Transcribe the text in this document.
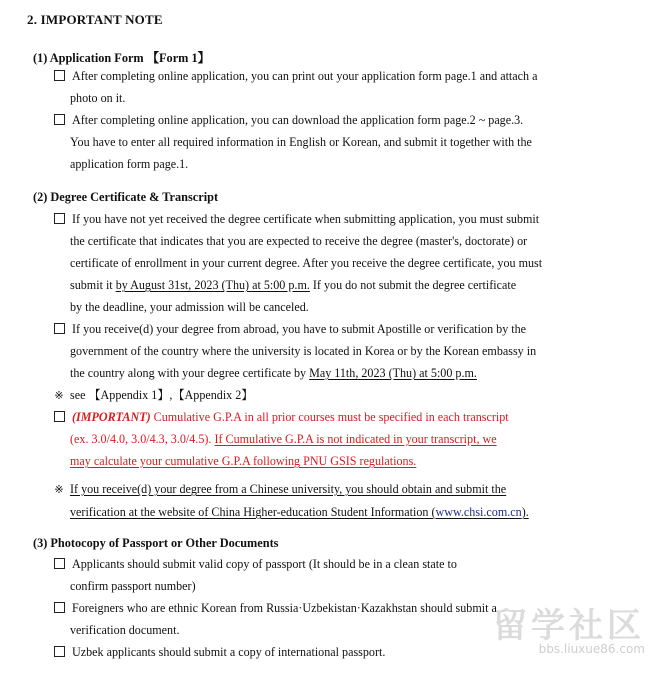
2. IMPORTANT NOTE
(1) Application Form 【Form 1】
After completing online application, you can print out your application form page.1 and attach a
photo on it.
After completing online application, you can download the application form page.2 ~ page.3.
You have to enter all required information in English or Korean, and submit it together with the
application form page.1.
(2) Degree Certificate & Transcript
If you have not yet received the degree certificate when submitting application, you must submit
the certificate that indicates that you are expected to receive the degree (master's, doctorate) or
certificate of enrollment in your current degree. After you receive the degree certificate, you must
submit it by August 31st, 2023 (Thu) at 5:00 p.m. If you do not submit the degree certificate
by the deadline, your admission will be canceled.
If you receive(d) your degree from abroad, you have to submit Apostille or verification by the
government of the country where the university is located in Korea or by the Korean embassy in
the country along with your degree certificate by May 11th, 2023 (Thu) at 5:00 p.m.
※ see 【Appendix 1】,【Appendix 2】
(IMPORTANT) Cumulative G.P.A in all prior courses must be specified in each transcript
(ex. 3.0/4.0, 3.0/4.3, 3.0/4.5). If Cumulative G.P.A is not indicated in your transcript, we
may calculate your cumulative G.P.A following PNU GSIS regulations.
※ If you receive(d) your degree from a Chinese university, you should obtain and submit the
verification at the website of China Higher-education Student Information (www.chsi.com.cn).
(3) Photocopy of Passport or Other Documents
Applicants should submit valid copy of passport (It should be in a clean state to
confirm passport number)
Foreigners who are ethnic Korean from Russia·Uzbekistan·Kazakhstan should submit a
verification document.
Uzbek applicants should submit a copy of international passport.
留学社区
bbs.liuxue86.com
